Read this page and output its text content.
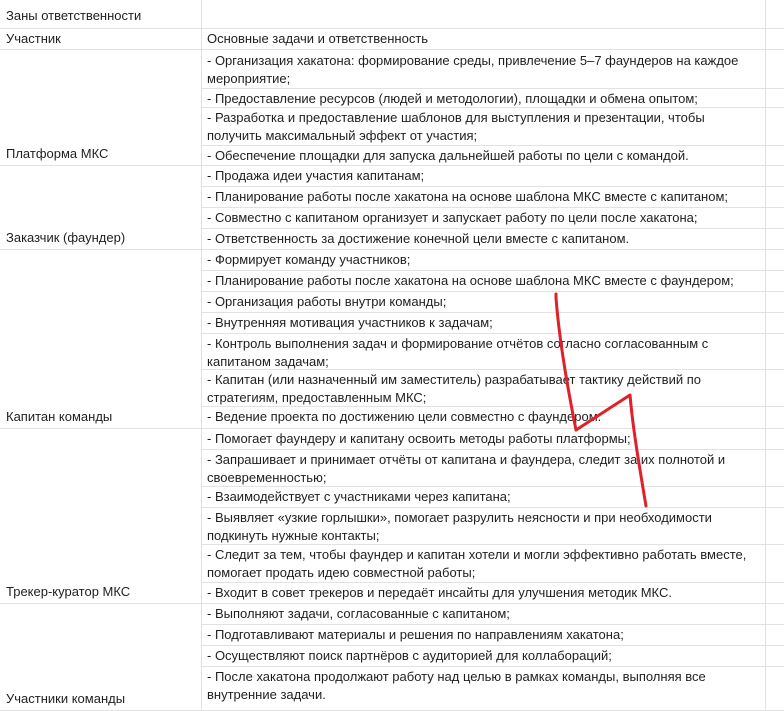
Заны ответственности
Участник	Основные задачи и ответственность
- Организация хакатона: формирование среды, привлечение 5–7 фаундеров на каждое мероприятие;
- Предоставление ресурсов (людей и методологии), площадки и обмена опытом;
- Разработка и предоставление шаблонов для выступления и презентации, чтобы получить максимальный эффект от участия;
- Обеспечение площадки для запуска дальнейшей работы по цели с командой.
Платформа МКС
- Продажа идеи участия капитанам;
- Планирование работы после хакатона на основе шаблона МКС вместе с капитаном;
- Совместно с капитаном организует и запускает работу по цели после хакатона;
- Ответственность за достижение конечной цели вместе с капитаном.
Заказчик (фаундер)
- Формирует команду участников;
- Планирование работы после хакатона на основе шаблона МКС вместе с фаундером;
- Организация работы внутри команды;
- Внутренняя мотивация участников к задачам;
- Контроль выполнения задач и формирование отчётов согласно согласованным с капитаном задачам;
- Капитан (или назначенный им заместитель) разрабатывает тактику действий по стратегиям, предоставленным МКС;
- Ведение проекта по достижению цели совместно с фаундером.
Капитан команды
- Помогает фаундеру и капитану освоить методы работы платформы;
- Запрашивает и принимает отчёты от капитана и фаундера, следит за их полнотой и своевременностью;
- Взаимодействует с участниками через капитана;
- Выявляет «узкие горлышки», помогает разрулить неясности и при необходимости подкинуть нужные контакты;
- Следит за тем, чтобы фаундер и капитан хотели и могли эффективно работать вместе, помогает продать идею совместной работы;
- Входит в совет трекеров и передаёт инсайты для улучшения методик МКС.
Трекер-куратор МКС
- Выполняют задачи, согласованные с капитаном;
- Подготавливают материалы и решения по направлениям хакатона;
- Осуществляют поиск партнёров с аудиторией для коллабораций;
- После хакатона продолжают работу над целью в рамках команды, выполняя все внутренние задачи.
Участники команды
